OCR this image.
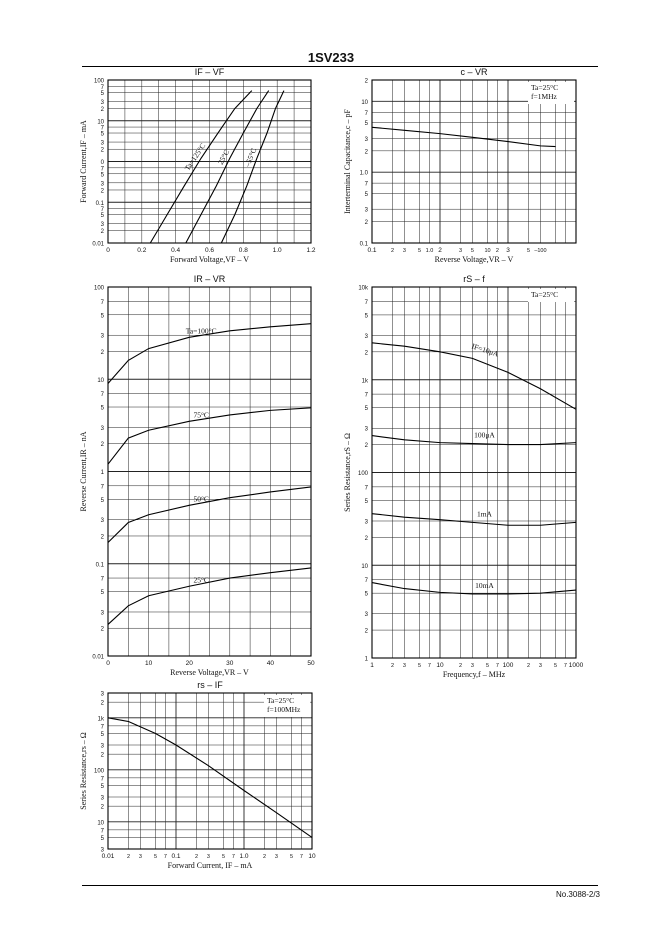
1SV233
0.01
2
3
5
7
0.1
2
3
5
7
0
2
3
5
7
10
2
3
5
7
100
0	0.2	0.4	0.6	0.8	1.0	1.2
IF – VF
Forward Voltage,VF – V
Forward Current,IF – mA	Ta=125°C 25°C –55°C
0.1
2
3
5
7
1.0
2
3
5
7
10
2
0.1	2 3 5 1.0 2	3 5 10 2 3	5 –100
c – VR
Reverse Voltage,VR – V
Interterminal Capacitance,c – pF
Ta=25°C
f=1MHz
0.01
2
3
5
7
0.1
2
3
5
7
1
2
3
5
7
10
2
3
5
7
100
0	10	20	30	40	50
IR – VR
Reverse Voltage,VR – V
Reverse Current,IR – nA
Ta=100°C
75°C
50°C
25°C
1
2
3
5
7
10
2
3
5
7
100
2
3
5
7
1k
2
3
5
7
10k
1	2 3 5 7 10	2 3 5 7 100 2 3 5 7 1000
rS – f
Frequency,f – MHz
Series Resistance,rS – Ω
Ta=25°C
IF=10μA
100μA
1mA
10mA
3
5
7
10
2
3
5
7
100
2
3
5
7
1k
2
3
0.01 2 3 5 7 0.1	2 3 5 7 1.0	2 3 5 7 10
rs – IF
Forward Current, IF – mA
Series Resistance,rs – Ω
Ta=25°C
f=100MHz
No.3088-2/3
